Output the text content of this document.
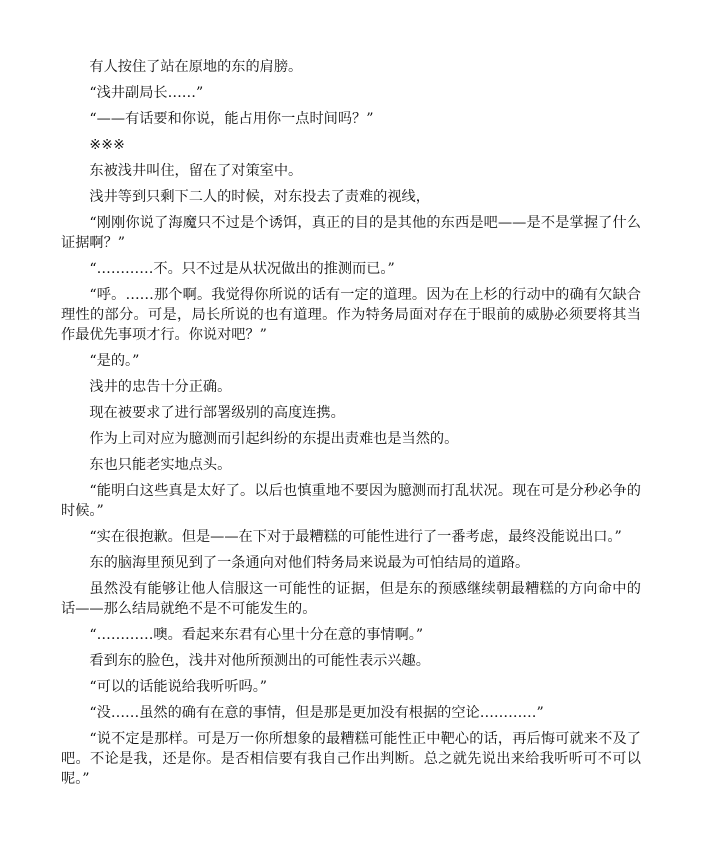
有人按住了站在原地的东的肩膀。

“浅井副局长……”

“——有话要和你说，能占用你一点时间吗？”

※※※

东被浅井叫住，留在了对策室中。

浅井等到只剩下二人的时候，对东投去了责难的视线，

“刚刚你说了海魔只不过是个诱饵，真正的目的是其他的东西是吧——是不是掌握了什么证据啊？”

“…………不。只不过是从状况做出的推测而已。”

“呼。……那个啊。我觉得你所说的话有一定的道理。因为在上杉的行动中的确有欠缺合理性的部分。可是，局长所说的也有道理。作为特务局面对存在于眼前的威胁必须要将其当作最优先事项才行。你说对吧？”

“是的。”

浅井的忠告十分正确。

现在被要求了进行部署级别的高度连携。

作为上司对应为臆测而引起纠纷的东提出责难也是当然的。

东也只能老实地点头。

“能明白这些真是太好了。以后也慎重地不要因为臆测而打乱状况。现在可是分秒必争的时候。”

“实在很抱歉。但是——在下对于最糟糕的可能性进行了一番考虑，最终没能说出口。”

东的脑海里预见到了一条通向对他们特务局来说最为可怕结局的道路。

虽然没有能够让他人信服这一可能性的证据，但是东的预感继续朝最糟糕的方向命中的话——那么结局就绝不是不可能发生的。

“…………噢。看起来东君有心里十分在意的事情啊。”

看到东的脸色，浅井对他所预测出的可能性表示兴趣。

“可以的话能说给我听听吗。”

“没……虽然的确有在意的事情，但是那是更加没有根据的空论…………”

“说不定是那样。可是万一你所想象的最糟糕可能性正中靶心的话，再后悔可就来不及了吧。不论是我，还是你。是否相信要有我自己作出判断。总之就先说出来给我听听可不可以呢。”
